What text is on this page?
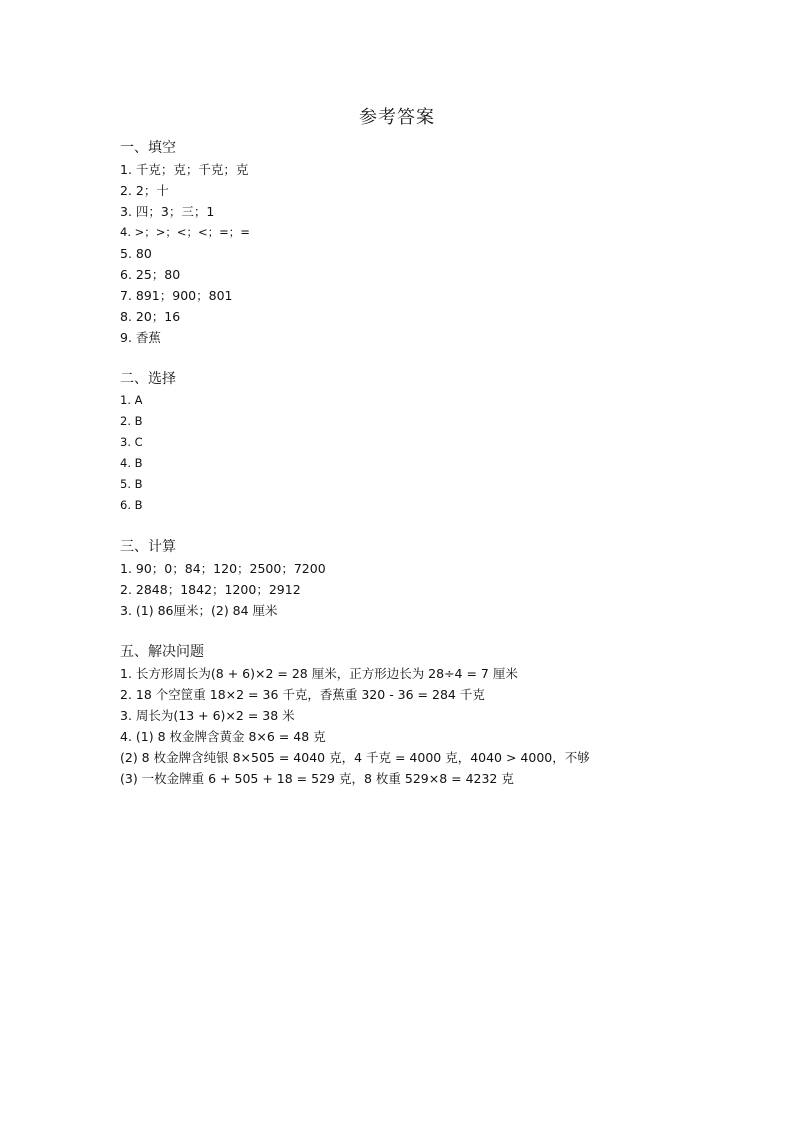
参考答案
一、填空
1. 千克；克；千克；克
2. 2；十
3. 四；3；三；1
4. >；>；<；<；=；=
5. 80
6. 25；80
7. 891；900；801
8. 20；16
9. 香蕉
二、选择
1. A
2. B
3. C
4. B
5. B
6. B
三、计算
1. 90；0；84；120；2500；7200
2. 2848；1842；1200；2912
3. (1) 86厘米；(2) 84 厘米
五、解决问题
1. 长方形周长为(8 + 6)×2 = 28 厘米，正方形边长为 28÷4 = 7 厘米
2. 18 个空筐重 18×2 = 36 千克，香蕉重 320 - 36 = 284 千克
3. 周长为(13 + 6)×2 = 38 米
4. (1) 8 枚金牌含黄金 8×6 = 48 克
(2) 8 枚金牌含纯银 8×505 = 4040 克，4 千克 = 4000 克，4040 > 4000，不够
(3) 一枚金牌重 6 + 505 + 18 = 529 克，8 枚重 529×8 = 4232 克
